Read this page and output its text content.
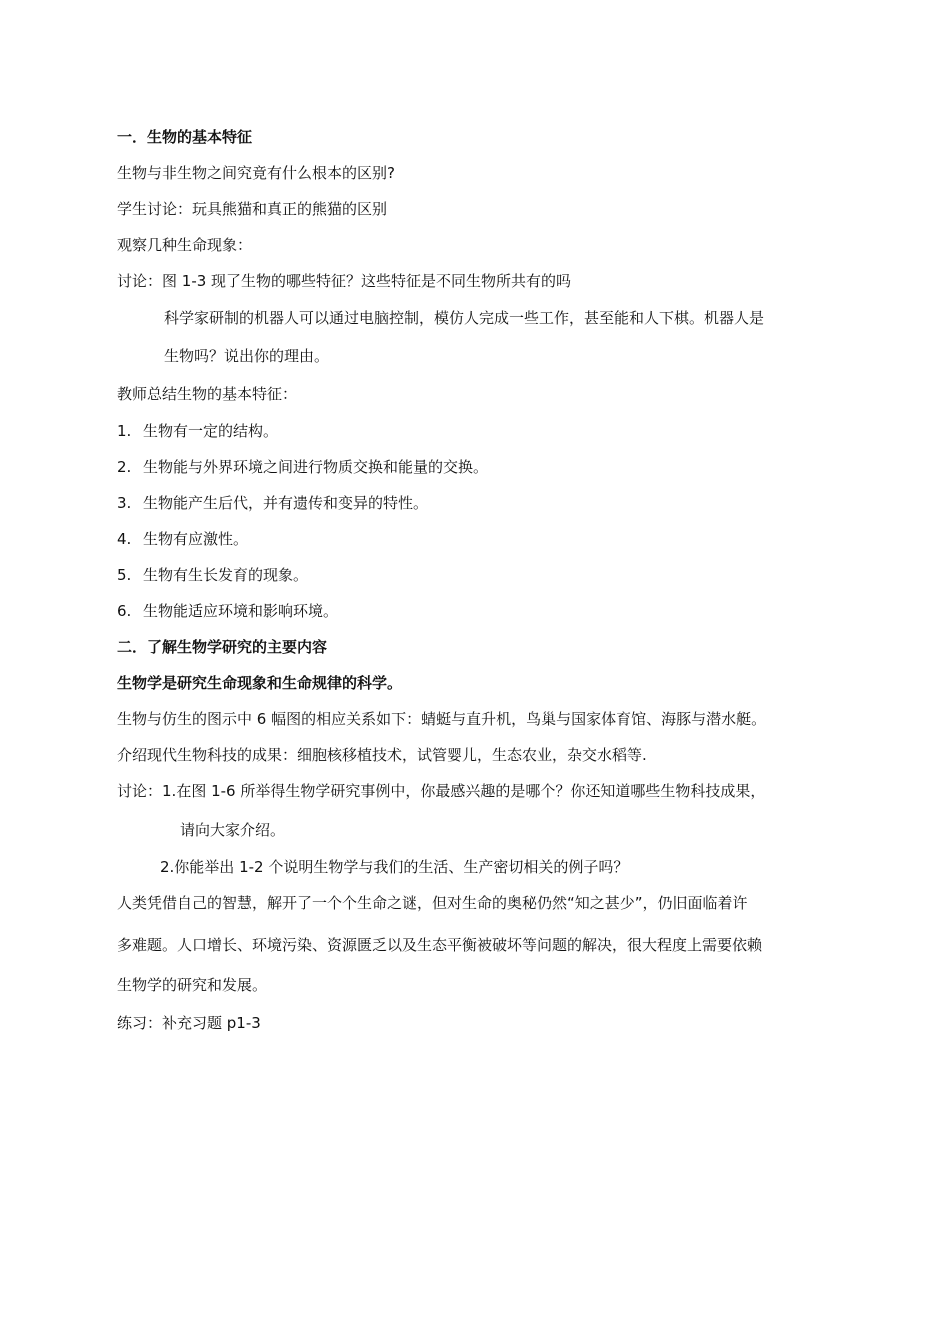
一．生物的基本特征
生物与非生物之间究竟有什么根本的区别?
学生讨论：玩具熊猫和真正的熊猫的区别
观察几种生命现象：
讨论：图 1-3 现了生物的哪些特征？这些特征是不同生物所共有的吗
科学家研制的机器人可以通过电脑控制，模仿人完成一些工作，甚至能和人下棋。机器人是
生物吗？说出你的理由。
教师总结生物的基本特征：
1. 生物有一定的结构。
2. 生物能与外界环境之间进行物质交换和能量的交换。
3. 生物能产生后代，并有遗传和变异的特性。
4. 生物有应激性。
5. 生物有生长发育的现象。
6. 生物能适应环境和影响环境。
二．了解生物学研究的主要内容
生物学是研究生命现象和生命规律的科学。
生物与仿生的图示中 6 幅图的相应关系如下：蜻蜓与直升机，鸟巢与国家体育馆、海豚与潜水艇。
介绍现代生物科技的成果：细胞核移植技术，试管婴儿，生态农业，杂交水稻等.
讨论：1.在图 1-6 所举得生物学研究事例中，你最感兴趣的是哪个？你还知道哪些生物科技成果，
请向大家介绍。
2.你能举出 1-2 个说明生物学与我们的生活、生产密切相关的例子吗？
人类凭借自己的智慧，解开了一个个生命之谜，但对生命的奥秘仍然“知之甚少”，仍旧面临着许
多难题。人口增长、环境污染、资源匮乏以及生态平衡被破坏等问题的解决，很大程度上需要依赖
生物学的研究和发展。
练习：补充习题 p1-3
